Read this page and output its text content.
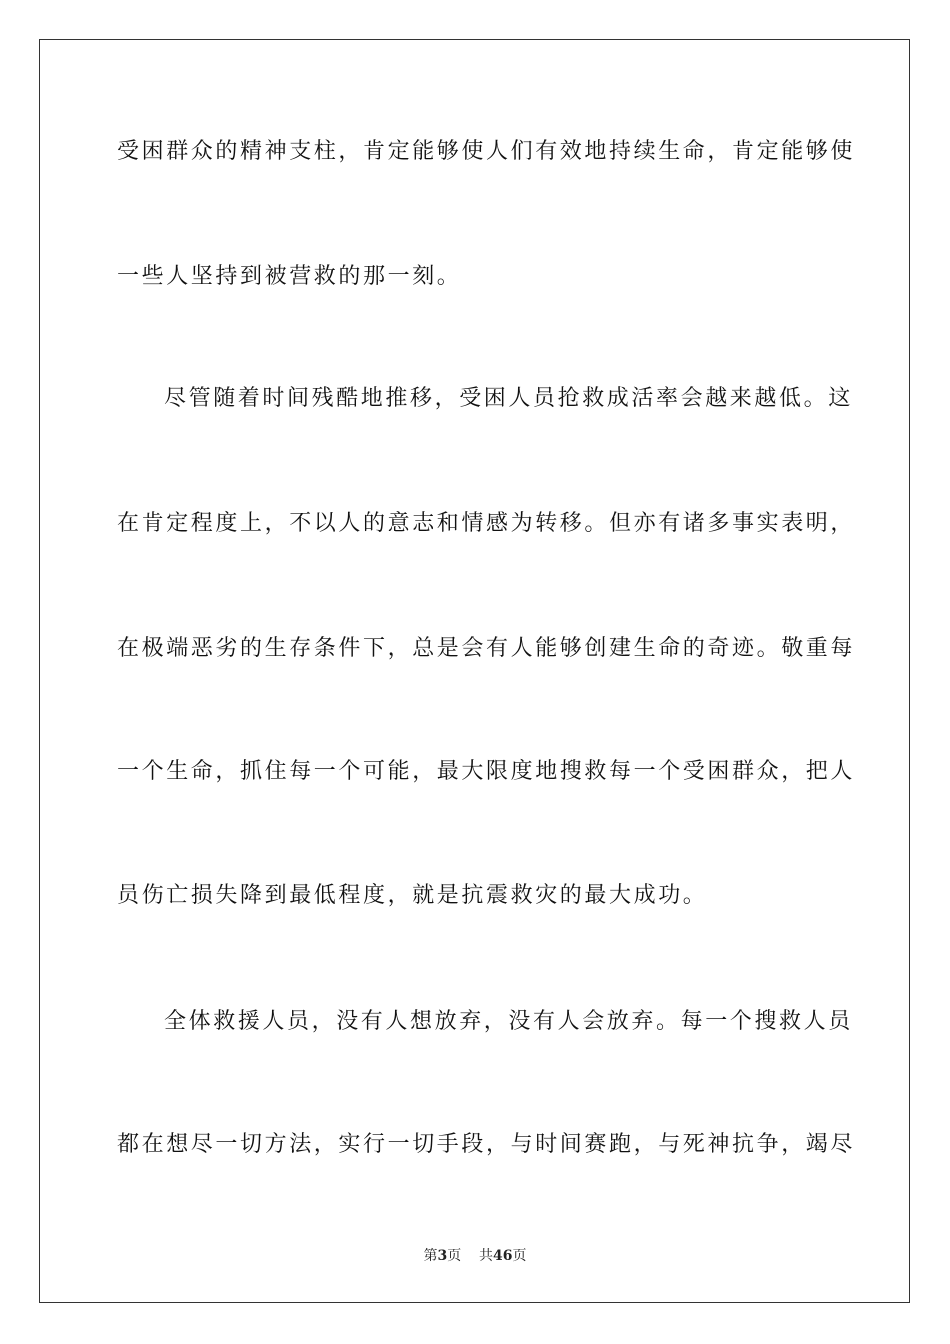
受困群众的精神支柱，肯定能够使人们有效地持续生命，肯定能够使
一些人坚持到被营救的那一刻。
尽管随着时间残酷地推移，受困人员抢救成活率会越来越低。这
在肯定程度上，不以人的意志和情感为转移。但亦有诸多事实表明，
在极端恶劣的生存条件下，总是会有人能够创建生命的奇迹。敬重每
一个生命，抓住每一个可能，最大限度地搜救每一个受困群众，把人
员伤亡损失降到最低程度，就是抗震救灾的最大成功。
全体救援人员，没有人想放弃，没有人会放弃。每一个搜救人员
都在想尽一切方法，实行一切手段，与时间赛跑，与死神抗争，竭尽
第3页 共46页
